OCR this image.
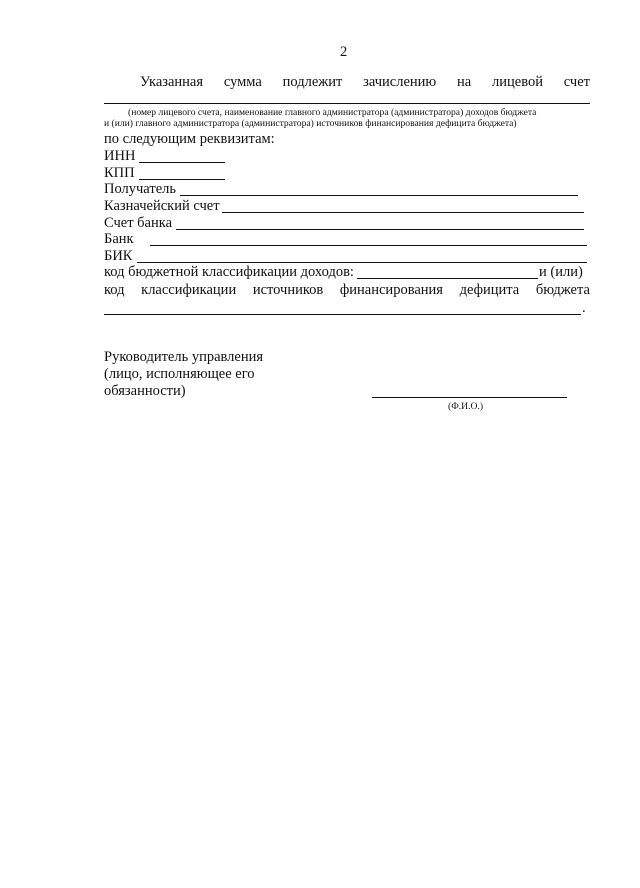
2
Указанная сумма подлежит зачислению на лицевой счет
(номер лицевого счета, наименование главного администратора (администратора) доходов бюджета
и (или) главного администратора (администратора) источников финансирования дефицита бюджета)
по следующим реквизитам:
ИНН
КПП
Получатель
Казначейский счет
Счет банка
Банк
БИК
код бюджетной классификации доходов:	и (или)
код классификации источников финансирования дефицита бюджета
.
Руководитель управления
(лицо, исполняющее его
обязанности)
(Ф.И.О.)
